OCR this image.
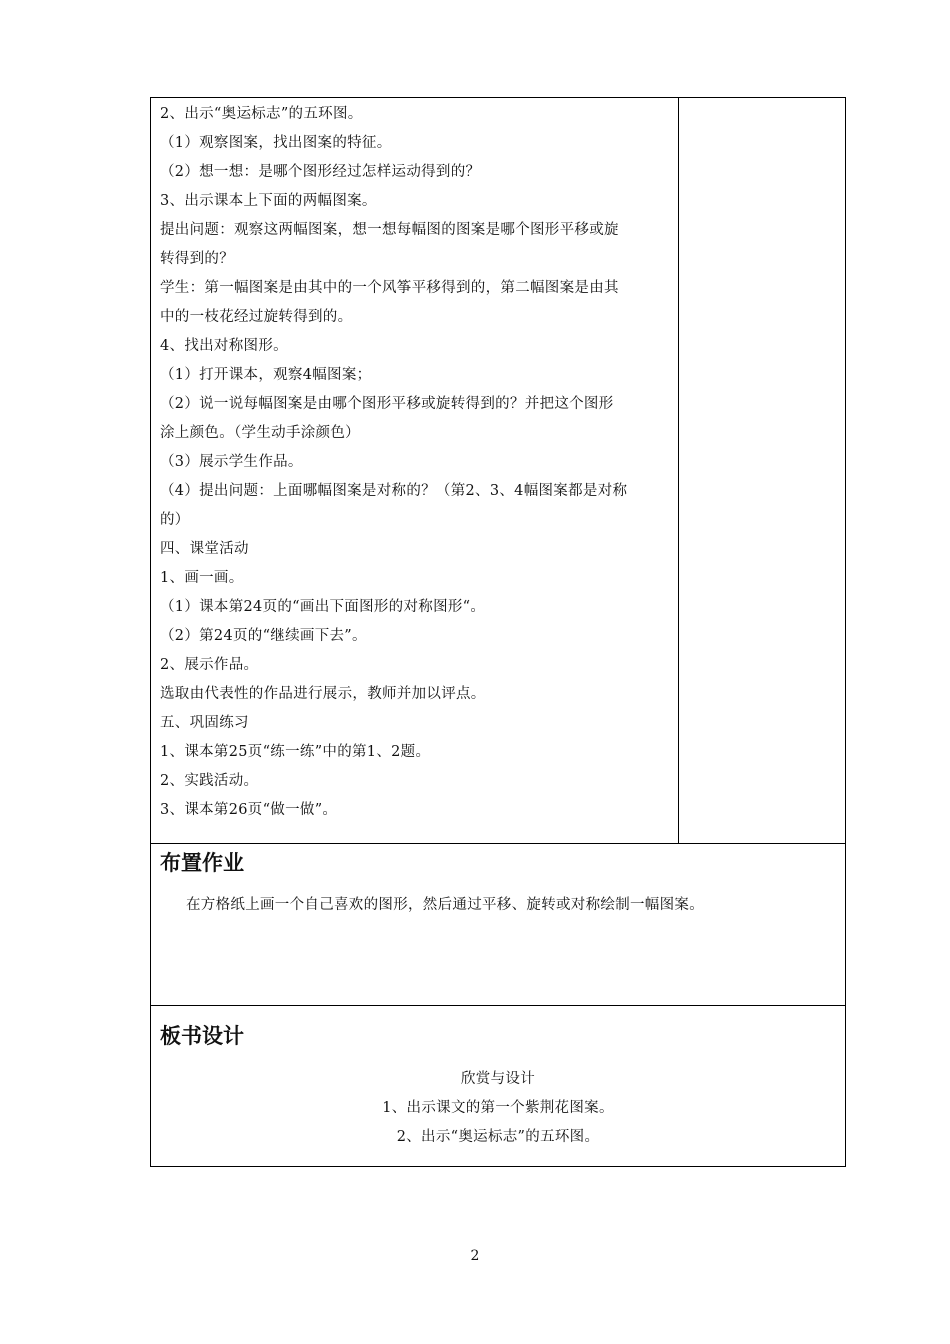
2、出示“奥运标志”的五环图。
（1）观察图案，找出图案的特征。
（2）想一想：是哪个图形经过怎样运动得到的？
3、出示课本上下面的两幅图案。
提出问题：观察这两幅图案，想一想每幅图的图案是哪个图形平移或旋
转得到的？
学生：第一幅图案是由其中的一个风筝平移得到的，第二幅图案是由其
中的一枝花经过旋转得到的。
4、找出对称图形。
（1）打开课本，观察4幅图案；
（2）说一说每幅图案是由哪个图形平移或旋转得到的？并把这个图形
涂上颜色。（学生动手涂颜色）
（3）展示学生作品。
（4）提出问题：上面哪幅图案是对称的？（第2、3、4幅图案都是对称
的）
四、课堂活动
1、画一画。
（1）课本第24页的“画出下面图形的对称图形“。
（2）第24页的“继续画下去”。
2、展示作品。
选取由代表性的作品进行展示，教师并加以评点。
五、巩固练习
1、课本第25页“练一练”中的第1、2题。
2、实践活动。
3、课本第26页“做一做”。
布置作业
在方格纸上画一个自己喜欢的图形，然后通过平移、旋转或对称绘制一幅图案。
板书设计
欣赏与设计
1、出示课文的第一个紫荆花图案。
2、出示“奥运标志”的五环图。
2
